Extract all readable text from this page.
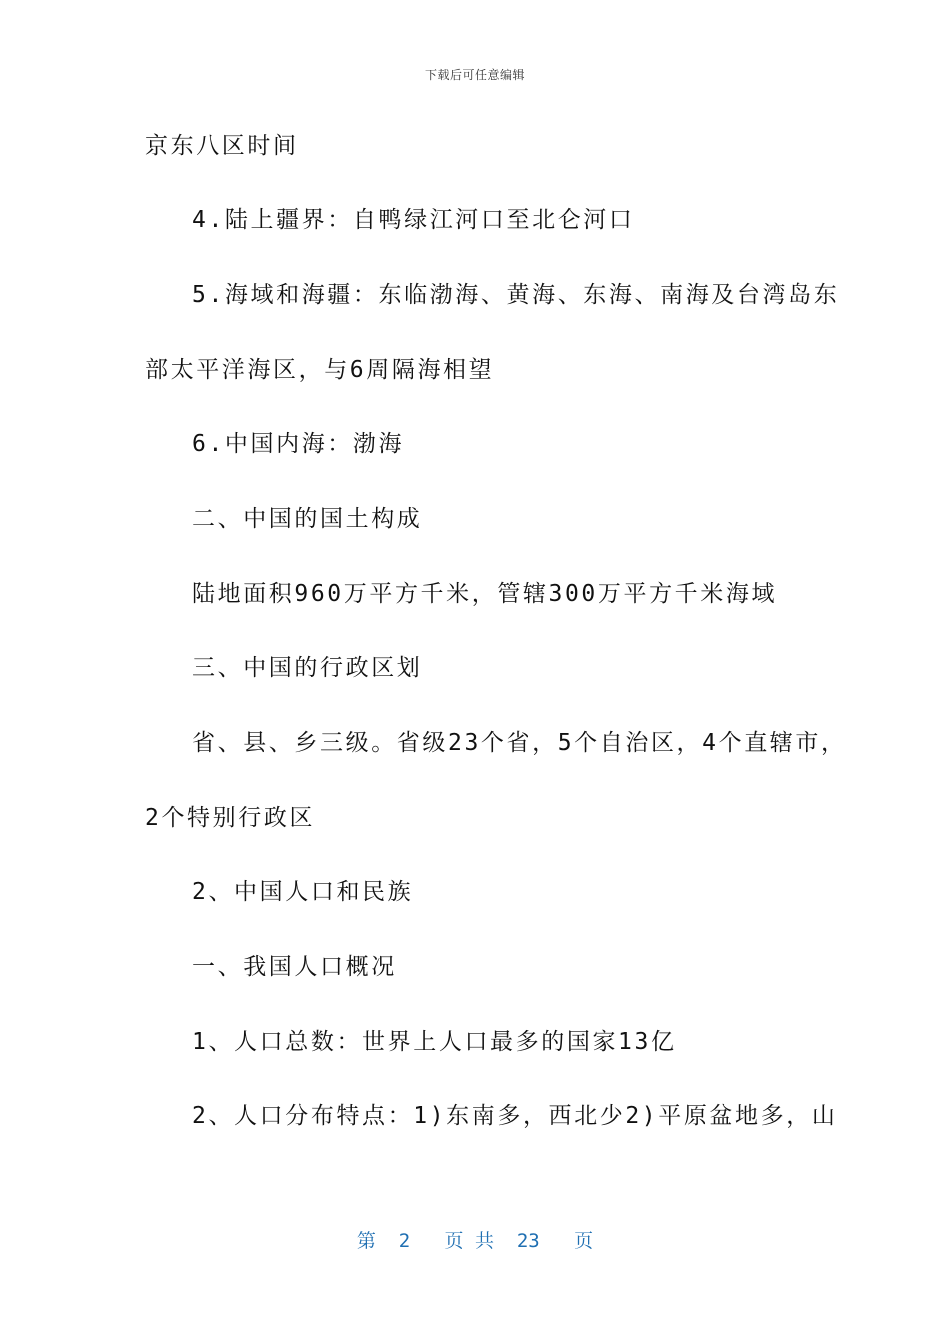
下载后可任意编辑
京东八区时间
4.陆上疆界：自鸭绿江河口至北仑河口
5.海域和海疆：东临渤海、黄海、东海、南海及台湾岛东
部太平洋海区，与6周隔海相望
6.中国内海：渤海
二、中国的国土构成
陆地面积960万平方千米，管辖300万平方千米海域
三、中国的行政区划
省、县、乡三级。省级23个省，5个自治区，4个直辖市，
2个特别行政区
2、中国人口和民族
一、我国人口概况
1、人口总数：世界上人口最多的国家13亿
2、人口分布特点：1)东南多，西北少2)平原盆地多，山
第  2   页 共  23   页
